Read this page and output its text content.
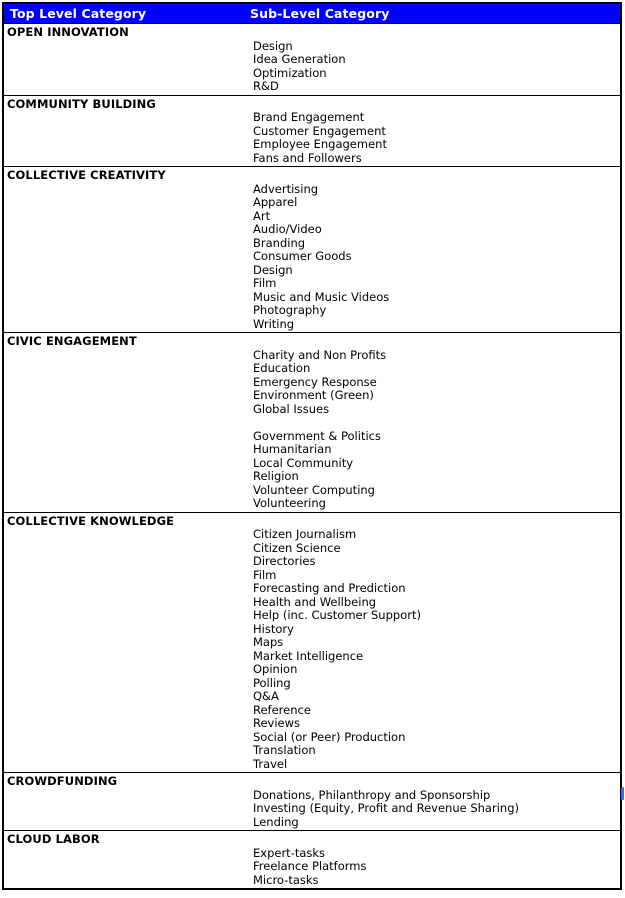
Top Level Category	Sub-Level Category
OPEN INNOVATION
Design
Idea Generation
Optimization
R&D
COMMUNITY BUILDING
Brand Engagement
Customer Engagement
Employee Engagement
Fans and Followers
COLLECTIVE CREATIVITY
Advertising
Apparel
Art
Audio/Video
Branding
Consumer Goods
Design
Film
Music and Music Videos
Photography
Writing
CIVIC ENGAGEMENT
Charity and Non Profits
Education
Emergency Response
Environment (Green)
Global Issues
Government & Politics
Humanitarian
Local Community
Religion
Volunteer Computing
Volunteering
COLLECTIVE KNOWLEDGE
Citizen Journalism
Citizen Science
Directories
Film
Forecasting and Prediction
Health and Wellbeing
Help (inc. Customer Support)
History
Maps
Market Intelligence
Opinion
Polling
Q&A
Reference
Reviews
Social (or Peer) Production
Translation
Travel
CROWDFUNDING
Donations, Philanthropy and Sponsorship
Investing (Equity, Profit and Revenue Sharing)
Lending
CLOUD LABOR
Expert-tasks
Freelance Platforms
Micro-tasks
